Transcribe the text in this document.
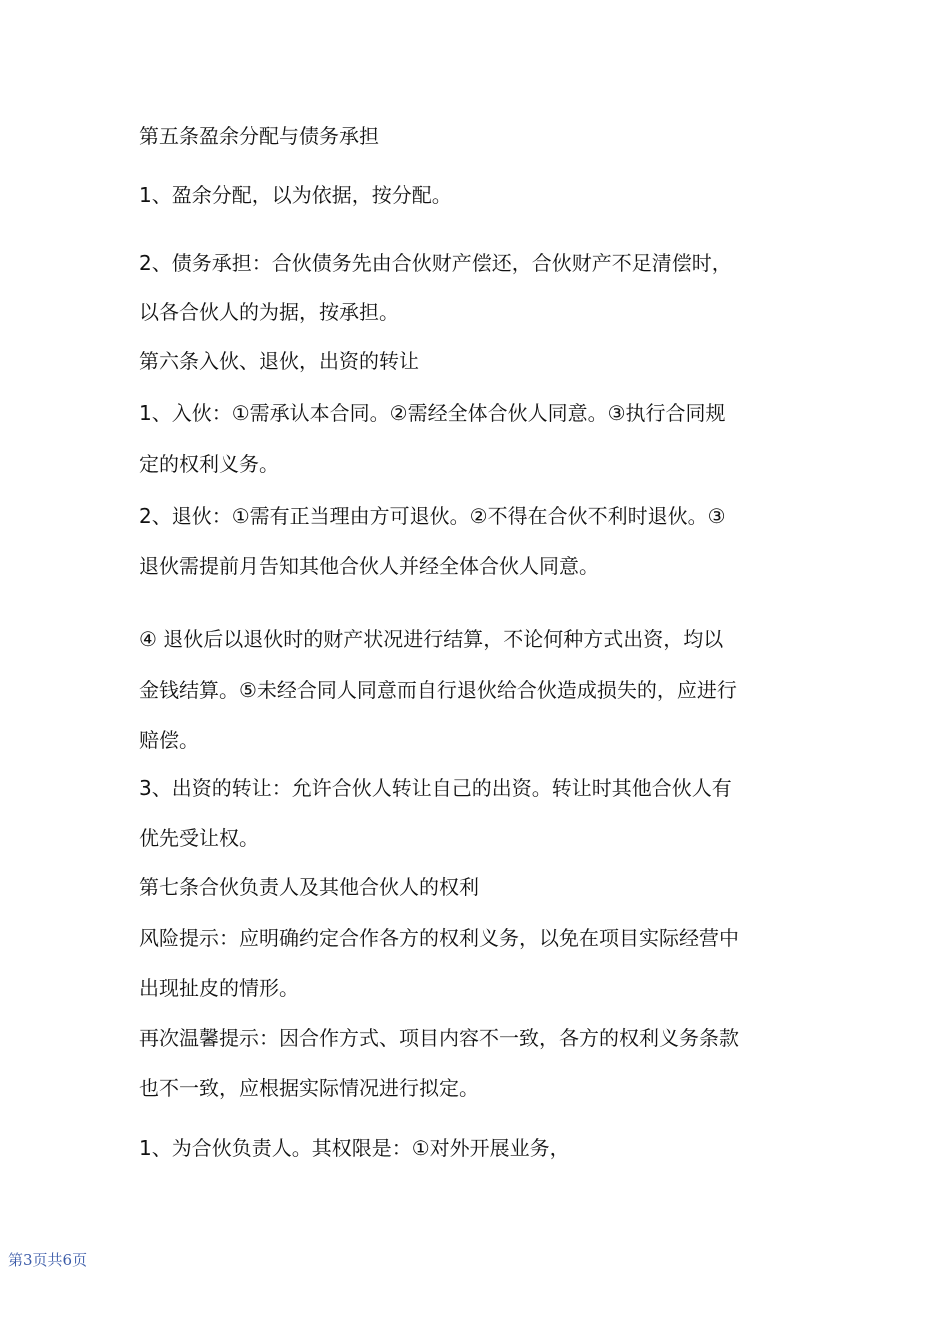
第五条盈余分配与债务承担
1、盈余分配，以为依据，按分配。
2、债务承担：合伙债务先由合伙财产偿还，合伙财产不足清偿时，
以各合伙人的为据，按承担。
第六条入伙、退伙，出资的转让
1、入伙：①需承认本合同。②需经全体合伙人同意。③执行合同规
定的权利义务。
2、退伙：①需有正当理由方可退伙。②不得在合伙不利时退伙。③
退伙需提前月告知其他合伙人并经全体合伙人同意。
④ 退伙后以退伙时的财产状况进行结算，不论何种方式出资，均以
金钱结算。⑤未经合同人同意而自行退伙给合伙造成损失的，应进行
赔偿。
3、出资的转让：允许合伙人转让自己的出资。转让时其他合伙人有
优先受让权。
第七条合伙负责人及其他合伙人的权利
风险提示：应明确约定合作各方的权利义务，以免在项目实际经营中
出现扯皮的情形。
再次温馨提示：因合作方式、项目内容不一致，各方的权利义务条款
也不一致，应根据实际情况进行拟定。
1、为合伙负责人。其权限是：①对外开展业务，
第3页共6页
